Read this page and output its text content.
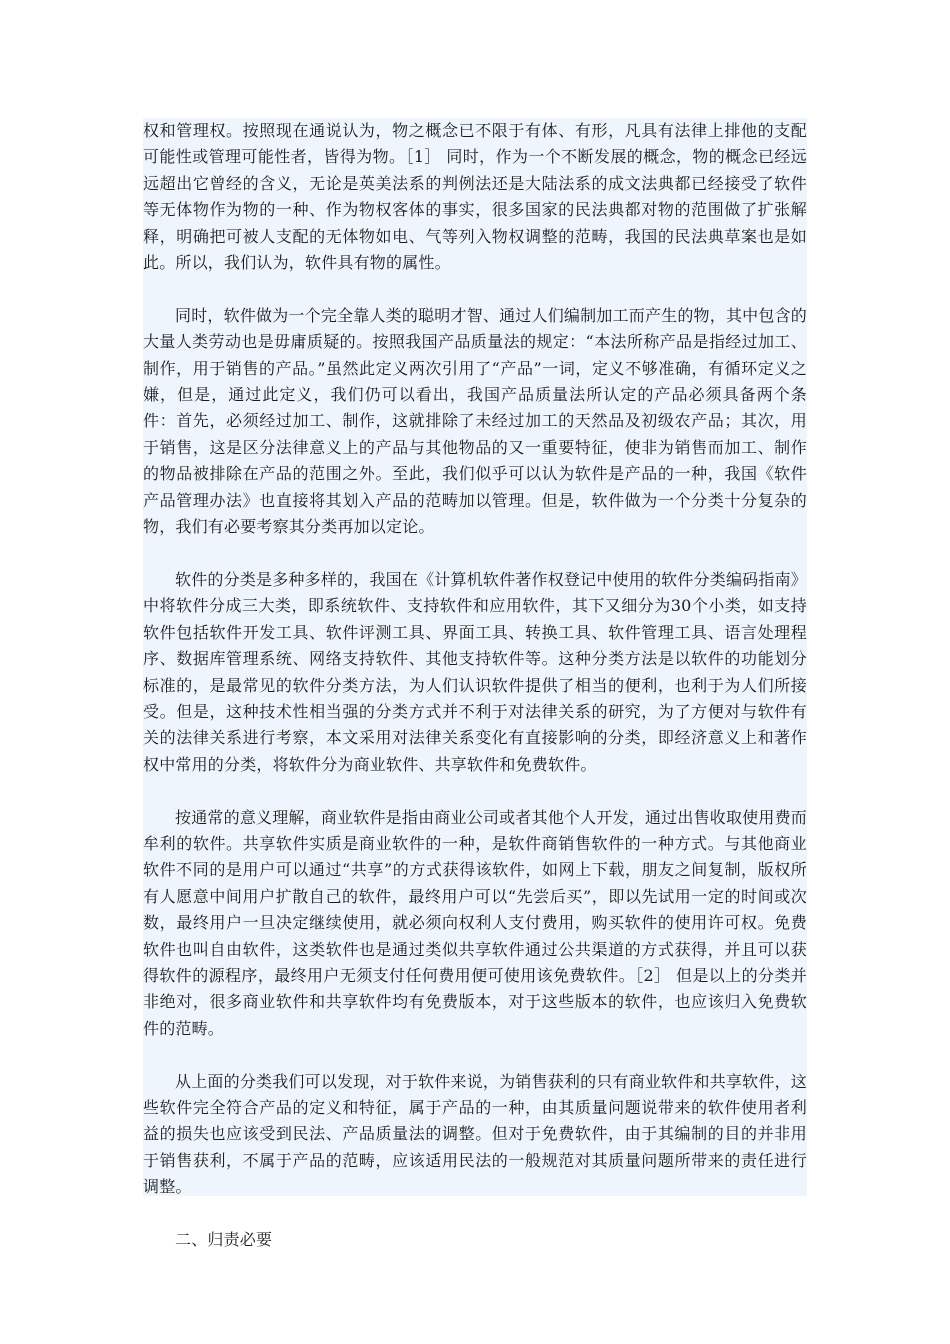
权和管理权。按照现在通说认为，物之概念已不限于有体、有形，凡具有法律上排他的支配可能性或管理可能性者，皆得为物。［1］ 同时，作为一个不断发展的概念，物的概念已经远远超出它曾经的含义，无论是英美法系的判例法还是大陆法系的成文法典都已经接受了软件等无体物作为物的一种、作为物权客体的事实，很多国家的民法典都对物的范围做了扩张解释，明确把可被人支配的无体物如电、气等列入物权调整的范畴，我国的民法典草案也是如此。所以，我们认为，软件具有物的属性。

同时，软件做为一个完全靠人类的聪明才智、通过人们编制加工而产生的物，其中包含的大量人类劳动也是毋庸质疑的。按照我国产品质量法的规定：“本法所称产品是指经过加工、制作，用于销售的产品。”虽然此定义两次引用了“产品”一词，定义不够准确，有循环定义之嫌，但是，通过此定义，我们仍可以看出，我国产品质量法所认定的产品必须具备两个条件：首先，必须经过加工、制作，这就排除了未经过加工的天然品及初级农产品；其次，用于销售，这是区分法律意义上的产品与其他物品的又一重要特征，使非为销售而加工、制作的物品被排除在产品的范围之外。至此，我们似乎可以认为软件是产品的一种，我国《软件产品管理办法》也直接将其划入产品的范畴加以管理。但是，软件做为一个分类十分复杂的物，我们有必要考察其分类再加以定论。

软件的分类是多种多样的，我国在《计算机软件著作权登记中使用的软件分类编码指南》中将软件分成三大类，即系统软件、支持软件和应用软件，其下又细分为30个小类，如支持软件包括软件开发工具、软件评测工具、界面工具、转换工具、软件管理工具、语言处理程序、数据库管理系统、网络支持软件、其他支持软件等。这种分类方法是以软件的功能划分标准的，是最常见的软件分类方法，为人们认识软件提供了相当的便利，也利于为人们所接受。但是，这种技术性相当强的分类方式并不利于对法律关系的研究，为了方便对与软件有关的法律关系进行考察，本文采用对法律关系变化有直接影响的分类，即经济意义上和著作权中常用的分类，将软件分为商业软件、共享软件和免费软件。

按通常的意义理解，商业软件是指由商业公司或者其他个人开发，通过出售收取使用费而牟利的软件。共享软件实质是商业软件的一种，是软件商销售软件的一种方式。与其他商业软件不同的是用户可以通过“共享”的方式获得该软件，如网上下载，朋友之间复制，版权所有人愿意中间用户扩散自己的软件，最终用户可以“先尝后买”，即以先试用一定的时间或次数，最终用户一旦决定继续使用，就必须向权利人支付费用，购买软件的使用许可权。免费软件也叫自由软件，这类软件也是通过类似共享软件通过公共渠道的方式获得，并且可以获得软件的源程序，最终用户无须支付任何费用便可使用该免费软件。［2］ 但是以上的分类并非绝对，很多商业软件和共享软件均有免费版本，对于这些版本的软件，也应该归入免费软件的范畴。

从上面的分类我们可以发现，对于软件来说，为销售获利的只有商业软件和共享软件，这些软件完全符合产品的定义和特征，属于产品的一种，由其质量问题说带来的软件使用者利益的损失也应该受到民法、产品质量法的调整。但对于免费软件，由于其编制的目的并非用于销售获利，不属于产品的范畴，应该适用民法的一般规范对其质量问题所带来的责任进行调整。

二、归责必要
